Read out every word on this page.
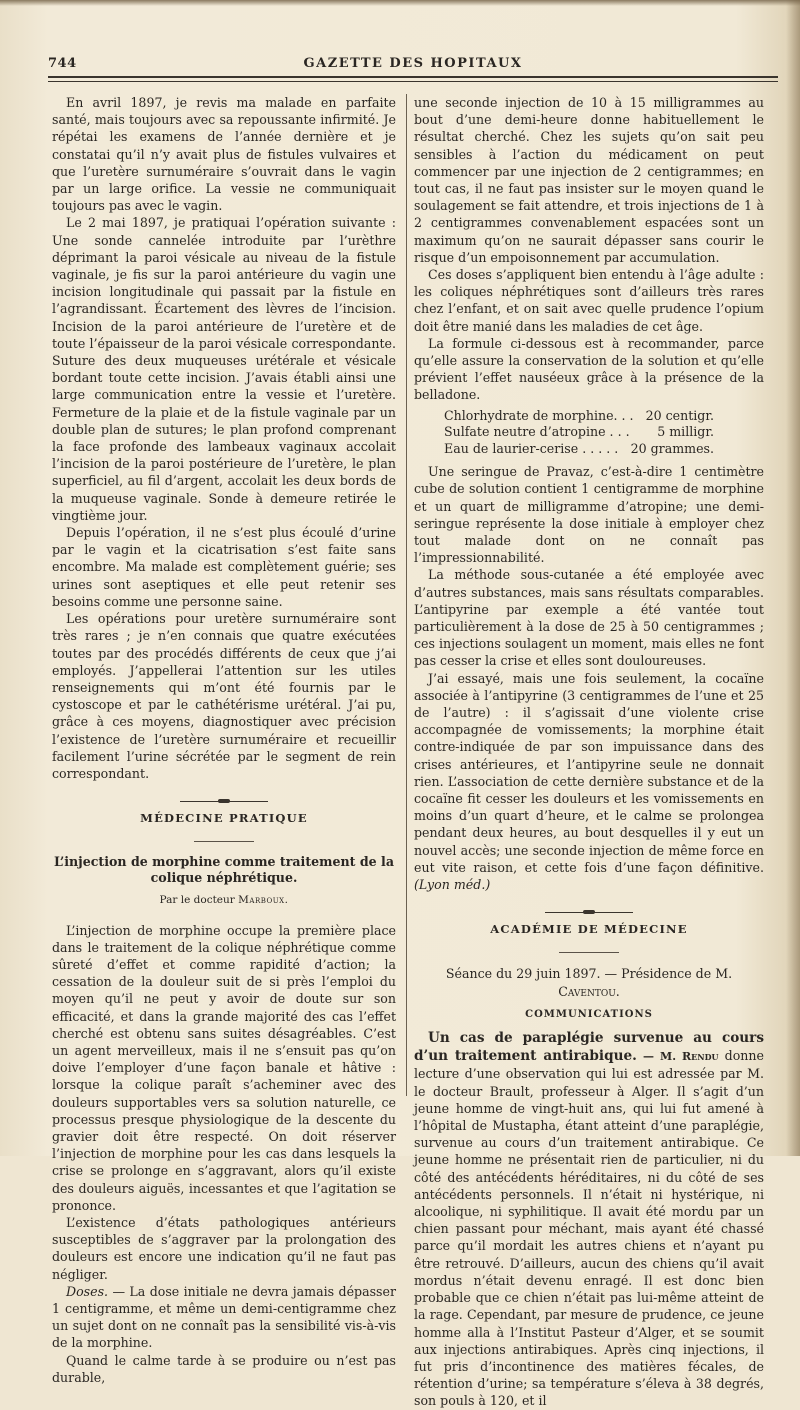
GAZETTE DES HOPITAUX
744

En avril 1897, je revis ma malade en parfaite santé, mais toujours avec sa repoussante infirmité. Je répétai les examens de l’année dernière et je constatai qu’il n’y avait plus de fistules vulvaires et que l’uretère surnuméraire s’ouvrait dans le vagin par un large orifice. La vessie ne communiquait toujours pas avec le vagin.

Le 2 mai 1897, je pratiquai l’opération suivante : Une sonde cannelée introduite par l’urèthre déprimant la paroi vésicale au niveau de la fistule vaginale, je fis sur la paroi antérieure du vagin une incision longitudinale qui passait par la fistule en l’agrandissant. Écartement des lèvres de l’incision. Incision de la paroi antérieure de l’uretère et de toute l’épaisseur de la paroi vésicale correspondante. Suture des deux muqueuses urétérale et vésicale bordant toute cette incision. J’avais établi ainsi une large communication entre la vessie et l’uretère. Fermeture de la plaie et de la fistule vaginale par un double plan de sutures; le plan profond comprenant la face profonde des lambeaux vaginaux accolait l’incision de la paroi postérieure de l’uretère, le plan superficiel, au fil d’argent, accolait les deux bords de la muqueuse vaginale. Sonde à demeure retirée le vingtième jour.

Depuis l’opération, il ne s’est plus écoulé d’urine par le vagin et la cicatrisation s’est faite sans encombre. Ma malade est complètement guérie; ses urines sont aseptiques et elle peut retenir ses besoins comme une personne saine.

Les opérations pour uretère surnuméraire sont très rares ; je n’en connais que quatre exécutées toutes par des procédés différents de ceux que j’ai employés. J’appellerai l’attention sur les utiles renseignements qui m’ont été fournis par le cystoscope et par le cathétérisme urétéral. J’ai pu, grâce à ces moyens, diagnostiquer avec précision l’existence de l’uretère surnuméraire et recueillir facilement l’urine sécrétée par le segment de rein correspondant.

MÉDECINE PRATIQUE
L’injection de morphine comme traitement de la colique néphrétique.
Par le docteur Marboux.

L’injection de morphine occupe la première place dans le traitement de la colique néphrétique comme sûreté d’effet et comme rapidité d’action; la cessation de la douleur suit de si près l’emploi du moyen qu’il ne peut y avoir de doute sur son efficacité, et dans la grande majorité des cas l’effet cherché est obtenu sans suites désagréables. C’est un agent merveilleux, mais il ne s’ensuit pas qu’on doive l’employer d’une façon banale et hâtive : lorsque la colique paraît s’acheminer avec des douleurs supportables vers sa solution naturelle, ce processus presque physiologique de la descente du gravier doit être respecté. On doit réserver l’injection de morphine pour les cas dans lesquels la crise se prolonge en s’aggravant, alors qu’il existe des douleurs aiguës, incessantes et que l’agitation se prononce.

L’existence d’états pathologiques antérieurs susceptibles de s’aggraver par la prolongation des douleurs est encore une indication qu’il ne faut pas négliger.

Doses. — La dose initiale ne devra jamais dépasser 1 centigramme, et même un demi-centigramme chez un sujet dont on ne connaît pas la sensibilité vis-à-vis de la morphine.

Quand le calme tarde à se produire ou n’est pas durable,

une seconde injection de 10 à 15 milligrammes au bout d’une demi-heure donne habituellement le résultat cherché. Chez les sujets qu’on sait peu sensibles à l’action du médicament on peut commencer par une injection de 2 centigrammes; en tout cas, il ne faut pas insister sur le moyen quand le soulagement se fait attendre, et trois injections de 1 à 2 centigrammes convenablement espacées sont un maximum qu’on ne saurait dépasser sans courir le risque d’un empoisonnement par accumulation.

Ces doses s’appliquent bien entendu à l’âge adulte : les coliques néphrétiques sont d’ailleurs très rares chez l’enfant, et on sait avec quelle prudence l’opium doit être manié dans les maladies de cet âge.

La formule ci-dessous est à recommander, parce qu’elle assure la conservation de la solution et qu’elle prévient l’effet nauséeux grâce à la présence de la belladone.

Chlorhydrate de morphine. . . 20 centigr.
Sulfate neutre d’atropine . . . 5 milligr.
Eau de laurier-cerise . . . . . 20 grammes.

Une seringue de Pravaz, c’est-à-dire 1 centimètre cube de solution contient 1 centigramme de morphine et un quart de milligramme d’atropine; une demi-seringue représente la dose initiale à employer chez tout malade dont on ne connaît pas l’impressionnabilité.

La méthode sous-cutanée a été employée avec d’autres substances, mais sans résultats comparables. L’antipyrine par exemple a été vantée tout particulièrement à la dose de 25 à 50 centigrammes ; ces injections soulagent un moment, mais elles ne font pas cesser la crise et elles sont douloureuses.

J’ai essayé, mais une fois seulement, la cocaïne associée à l’antipyrine (3 centigrammes de l’une et 25 de l’autre) : il s’agissait d’une violente crise accompagnée de vomissements; la morphine était contre-indiquée de par son impuissance dans des crises antérieures, et l’antipyrine seule ne donnait rien. L’association de cette dernière substance et de la cocaïne fit cesser les douleurs et les vomissements en moins d’un quart d’heure, et le calme se prolongea pendant deux heures, au bout desquelles il y eut un nouvel accès; une seconde injection de même force en eut vite raison, et cette fois d’une façon définitive. (Lyon méd.)

ACADÉMIE DE MÉDECINE
Séance du 29 juin 1897. — Présidence de M. Caventou.
COMMUNICATIONS

Un cas de paraplégie survenue au cours d’un traitement antirabique. — M. Rendu donne lecture d’une observation qui lui est adressée par M. le docteur Brault, professeur à Alger. Il s’agit d’un jeune homme de vingt-huit ans, qui lui fut amené à l’hôpital de Mustapha, étant atteint d’une paraplégie, survenue au cours d’un traitement antirabique. Ce jeune homme ne présentait rien de particulier, ni du côté des antécédents héréditaires, ni du côté de ses antécédents personnels. Il n’était ni hystérique, ni alcoolique, ni syphilitique. Il avait été mordu par un chien passant pour méchant, mais ayant été chassé parce qu’il mordait les autres chiens et n’ayant pu être retrouvé. D’ailleurs, aucun des chiens qu’il avait mordus n’était devenu enragé. Il est donc bien probable que ce chien n’était pas lui-même atteint de la rage. Cependant, par mesure de prudence, ce jeune homme alla à l’Institut Pasteur d’Alger, et se soumit aux injections antirabiques. Après cinq injections, il fut pris d’incontinence des matières fécales, de rétention d’urine; sa température s’éleva à 38 degrés, son pouls à 120, et il
